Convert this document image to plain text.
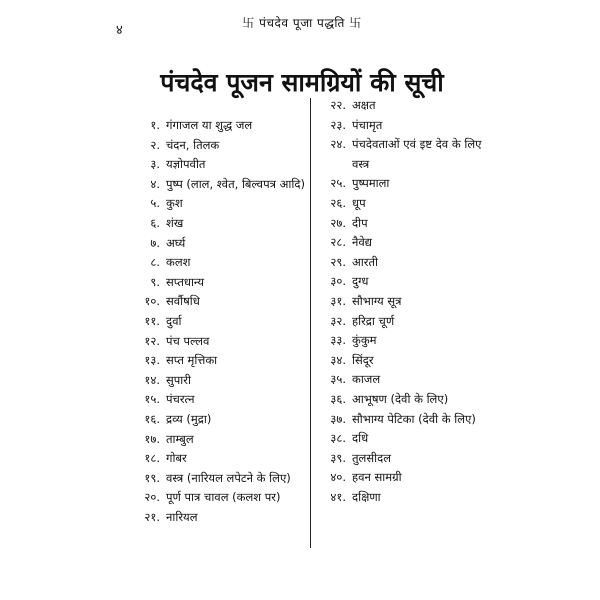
४	卐 पंचदेव पूजा पद्धति 卐
पंचदेव पूजन सामग्रियों की सूची
१. गंगाजल या शुद्ध जल
२. चंदन, तिलक
३. यज्ञोपवीत
४. पुष्प (लाल, श्वेत, बिल्वपत्र आदि)
५. कुश
६. शंख
७. अर्घ्य
८. कलश
९. सप्तधान्य
१०. सर्वौषधि
११. दुर्वा
१२. पंच पल्लव
१३. सप्त मृत्तिका
१४. सुपारी
१५. पंचरत्न
१६. द्रव्य (मुद्रा)
१७. ताम्बुल
१८. गोबर
१९. वस्त्र (नारियल लपेटने के लिए)
२०. पूर्ण पात्र चावल (कलश पर)
२१. नारियल
२२. अक्षत
२३. पंचामृत
२४. पंचदेवताओं एवं इष्ट देव के लिए वस्त्र
२५. पुष्पमाला
२६. धूप
२७. दीप
२८. नैवेद्य
२९. आरती
३०. दुग्ध
३१. सौभाग्य सूत्र
३२. हरिद्रा चूर्ण
३३. कुंकुम
३४. सिंदूर
३५. काजल
३६. आभूषण (देवी के लिए)
३७. सौभाग्य पेटिका (देवी के लिए)
३८. दधि
३९. तुलसीदल
४०. हवन सामग्री
४१. दक्षिणा
